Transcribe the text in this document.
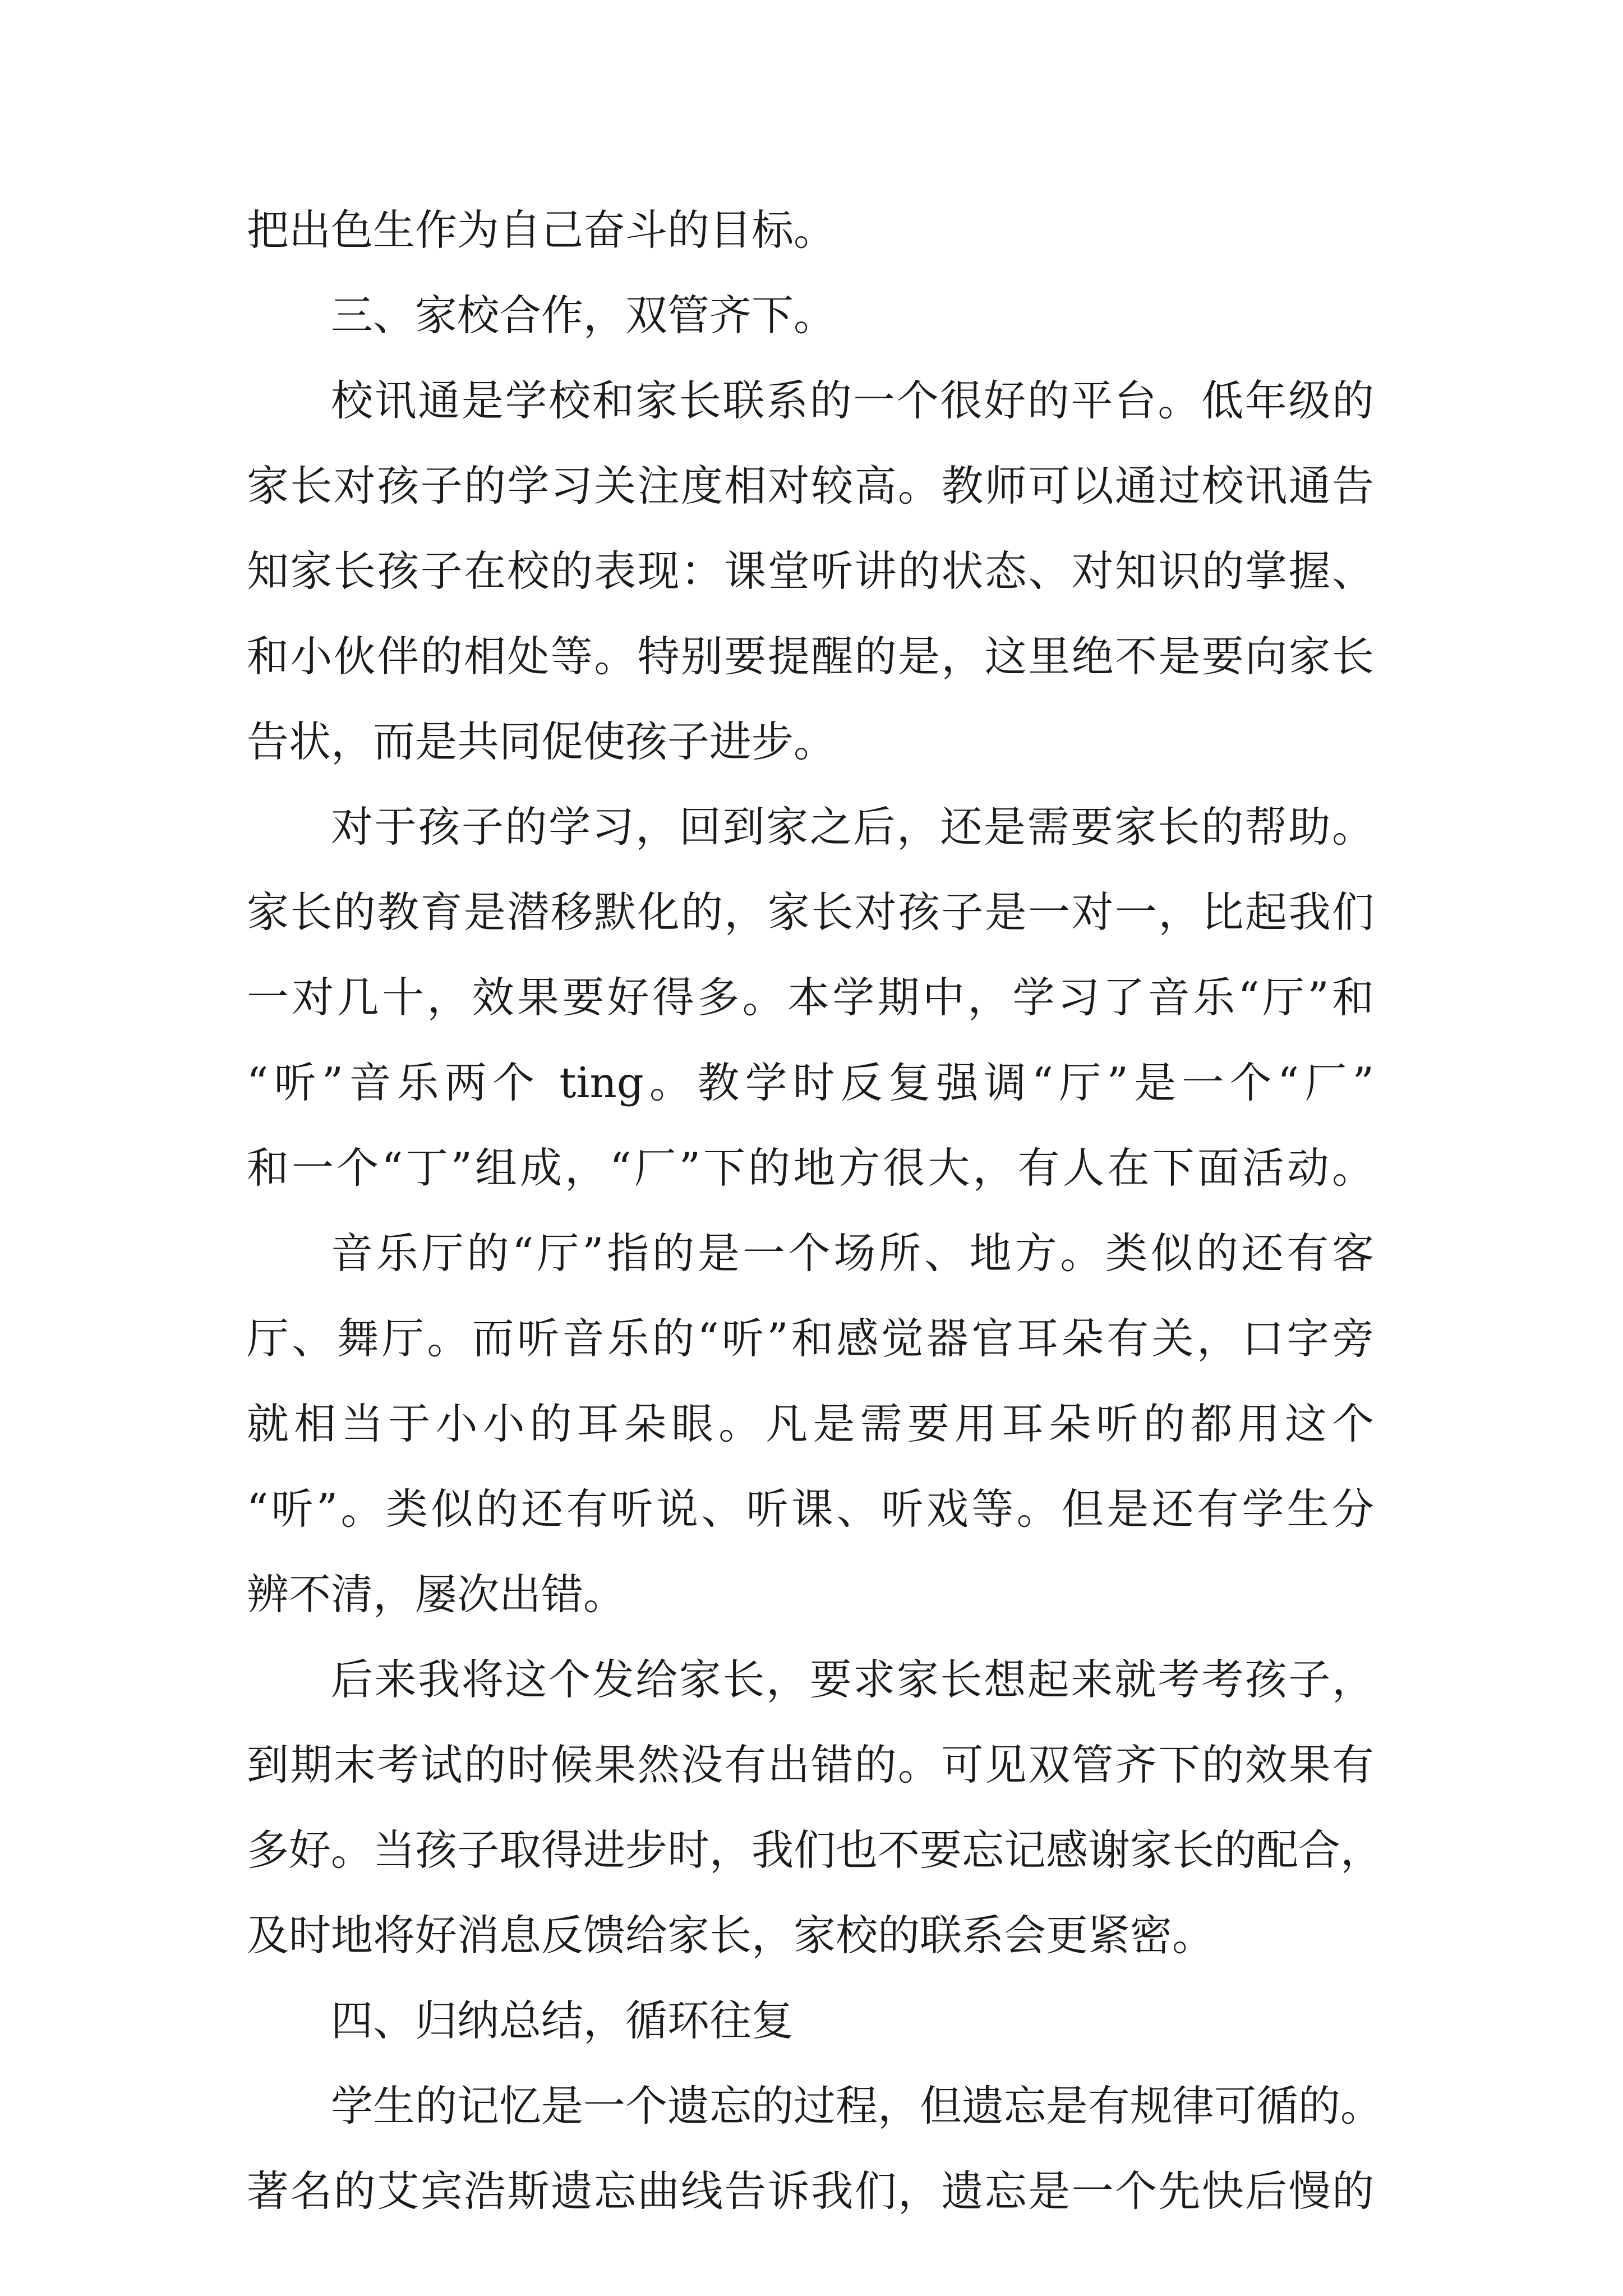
把出色生作为自己奋斗的目标。
三、家校合作，双管齐下。
校讯通是学校和家长联系的一个很好的平台。低年级的
家长对孩子的学习关注度相对较高。教师可以通过校讯通告
知家长孩子在校的表现：课堂听讲的状态、对知识的掌握、
和小伙伴的相处等。特别要提醒的是，这里绝不是要向家长
告状，而是共同促使孩子进步。
对于孩子的学习，回到家之后，还是需要家长的帮助。
家长的教育是潜移默化的，家长对孩子是一对一，比起我们
一对几十，效果要好得多。本学期中，学习了音乐“厅”和
“听”音乐两个 ting。教学时反复强调“厅”是一个“厂”
和一个“丁”组成，“厂”下的地方很大，有人在下面活动。
音乐厅的“厅”指的是一个场所、地方。类似的还有客
厅、舞厅。而听音乐的“听”和感觉器官耳朵有关，口字旁
就相当于小小的耳朵眼。凡是需要用耳朵听的都用这个
“听”。类似的还有听说、听课、听戏等。但是还有学生分
辨不清，屡次出错。
后来我将这个发给家长，要求家长想起来就考考孩子，
到期末考试的时候果然没有出错的。可见双管齐下的效果有
多好。当孩子取得进步时，我们也不要忘记感谢家长的配合，
及时地将好消息反馈给家长，家校的联系会更紧密。
四、归纳总结，循环往复
学生的记忆是一个遗忘的过程，但遗忘是有规律可循的。
著名的艾宾浩斯遗忘曲线告诉我们，遗忘是一个先快后慢的
